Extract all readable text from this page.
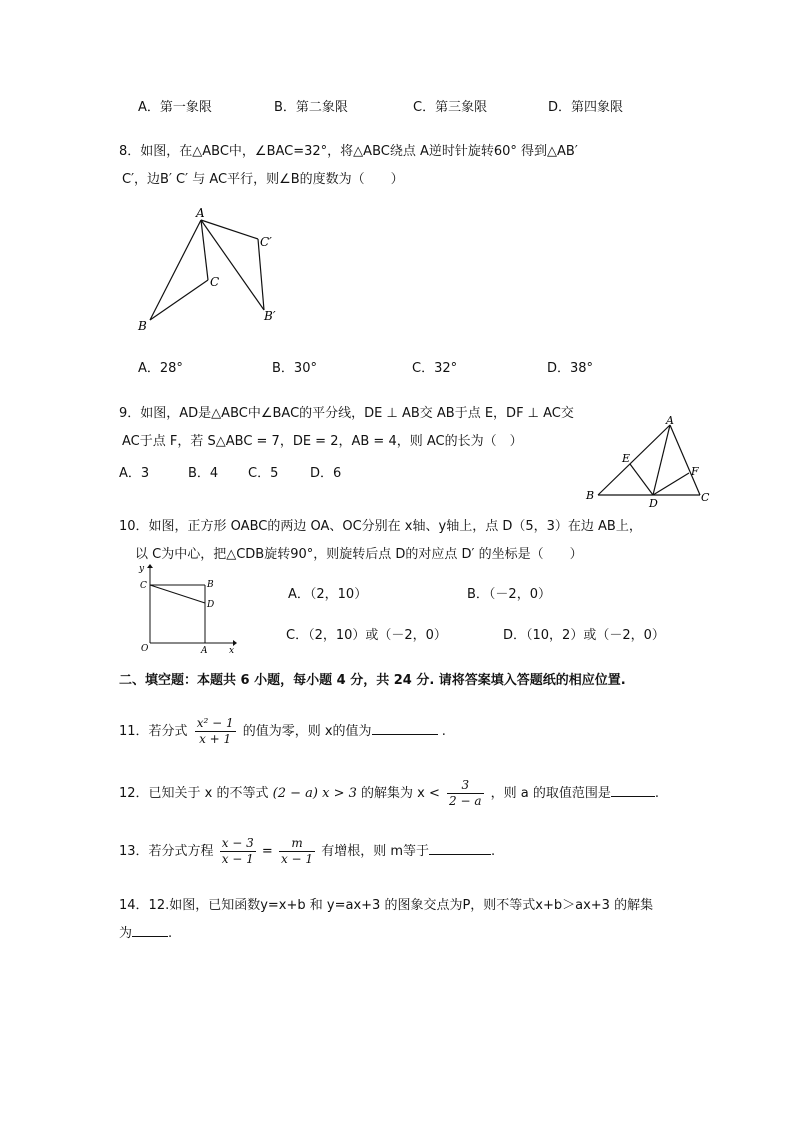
A．第一象限	B．第二象限	C．第三象限	D．第四象限
8．如图，在△ABC中，∠BAC=32°，将△ABC绕点 A逆时针旋转60° 得到△AB′
C′，边B′ C′ 与 AC平行，则∠B的度数为（　　）
A
B
C
C′
B′
A．28°	B．30°	C．32°	D．38°
9．如图，AD是△ABC中∠BAC的平分线，DE ⊥ AB交 AB于点 E，DF ⊥ AC交
AC于点 F，若 S△ABC = 7，DE = 2，AB = 4，则 AC的长为（　）
A．3	B．4 C．5 D．6
A
B	C
D
E
F
10．如图，正方形 OABC的两边 OA、OC分别在 x轴、y轴上，点 D（5，3）在边 AB上，
以 C为中心，把△CDB旋转90°，则旋转后点 D的对应点 D′ 的坐标是（　　）
y
x
O	A
B
C
D
A．（2，10）	B．（－2，0）
C．（2，10）或（－2，0）	D．（10，2）或（－2，0）
二、填空题：本题共 6 小题，每小题 4 分，共 24 分. 请将答案填入答题纸的相应位置.
11．若分式 $\frac{\text{x² − 1}}{x + 1}$ 的值为零，则 x的值为	.
12．已知关于 x 的不等式 (2 − a) x > 3 的解集为 $x < \frac{3}{2 - a}$ ，则 a 的取值范围是	.
13．若分式方程 $\frac{x - 3}{x - 1} = \frac{m}{x - 1}$ 有增根，则 m等于	.
14．12.如图，已知函数y=x+b 和 y=ax+3 的图象交点为P，则不等式x+b＞ax+3 的解集
为	.
